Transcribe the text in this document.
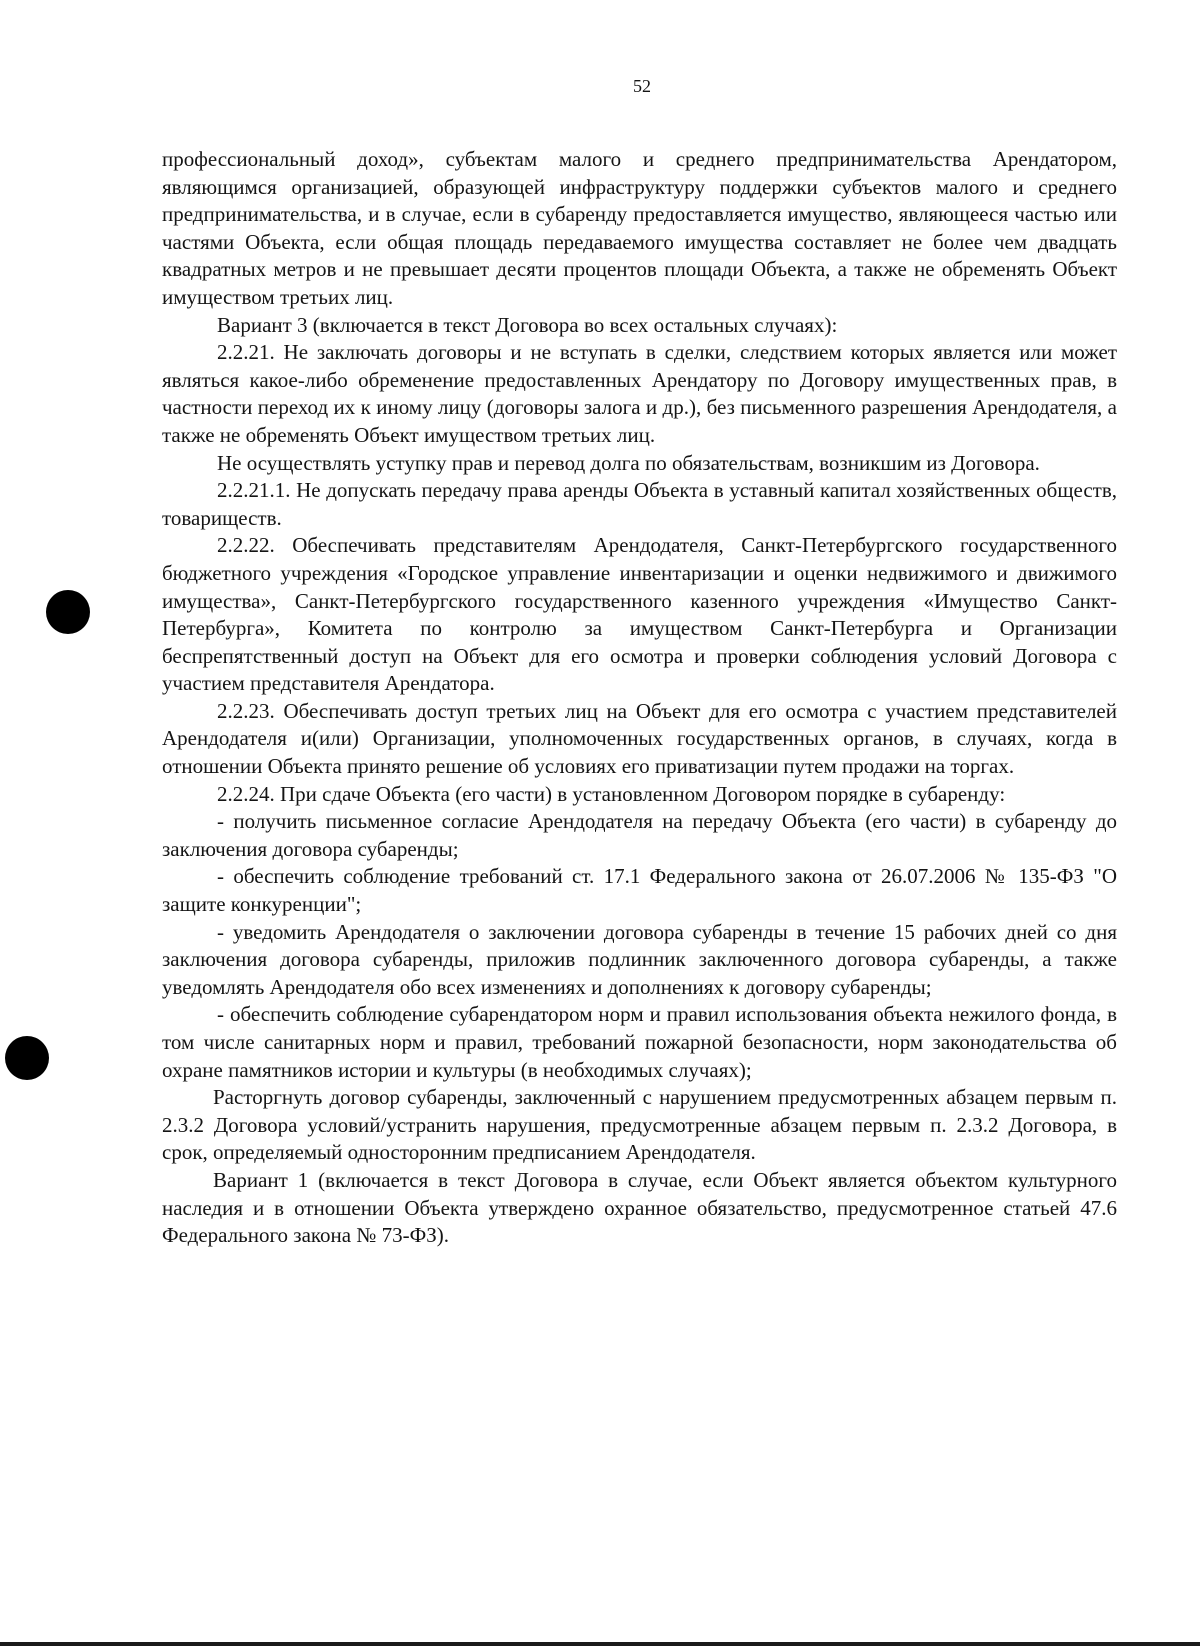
52

профессиональный доход», субъектам малого и среднего предпринимательства Арендатором, являющимся организацией, образующей инфраструктуру поддержки субъектов малого и среднего предпринимательства, и в случае, если в субаренду предоставляется имущество, являющееся частью или частями Объекта, если общая площадь передаваемого имущества составляет не более чем двадцать квадратных метров и не превышает десяти процентов площади Объекта, а также не обременять Объект имуществом третьих лиц.

Вариант 3 (включается в текст Договора во всех остальных случаях):

2.2.21. Не заключать договоры и не вступать в сделки, следствием которых является или может являться какое-либо обременение предоставленных Арендатору по Договору имущественных прав, в частности переход их к иному лицу (договоры залога и др.), без письменного разрешения Арендодателя, а также не обременять Объект имуществом третьих лиц.

Не осуществлять уступку прав и перевод долга по обязательствам, возникшим из Договора.

2.2.21.1. Не допускать передачу права аренды Объекта в уставный капитал хозяйственных обществ, товариществ.

2.2.22. Обеспечивать представителям Арендодателя, Санкт-Петербургского государственного бюджетного учреждения «Городское управление инвентаризации и оценки недвижимого и движимого имущества», Санкт-Петербургского государственного казенного учреждения «Имущество Санкт-Петербурга», Комитета по контролю за имуществом Санкт-Петербурга и Организации беспрепятственный доступ на Объект для его осмотра и проверки соблюдения условий Договора с участием представителя Арендатора.

2.2.23. Обеспечивать доступ третьих лиц на Объект для его осмотра с участием представителей Арендодателя и(или) Организации, уполномоченных государственных органов, в случаях, когда в отношении Объекта принято решение об условиях его приватизации путем продажи на торгах.

2.2.24. При сдаче Объекта (его части) в установленном Договором порядке в субаренду:

- получить письменное согласие Арендодателя на передачу Объекта (его части) в субаренду до заключения договора субаренды;

- обеспечить соблюдение требований ст. 17.1 Федерального закона от 26.07.2006 № 135-ФЗ "О защите конкуренции";

- уведомить Арендодателя о заключении договора субаренды в течение 15 рабочих дней со дня заключения договора субаренды, приложив подлинник заключенного договора субаренды, а также уведомлять Арендодателя обо всех изменениях и дополнениях к договору субаренды;

- обеспечить соблюдение субарендатором норм и правил использования объекта нежилого фонда, в том числе санитарных норм и правил, требований пожарной безопасности, норм законодательства об охране памятников истории и культуры (в необходимых случаях);

Расторгнуть договор субаренды, заключенный с нарушением предусмотренных абзацем первым п. 2.3.2 Договора условий/устранить нарушения, предусмотренные абзацем первым п. 2.3.2 Договора, в срок, определяемый односторонним предписанием Арендодателя.

Вариант 1 (включается в текст Договора в случае, если Объект является объектом культурного наследия и в отношении Объекта утверждено охранное обязательство, предусмотренное статьей 47.6 Федерального закона № 73-ФЗ).
